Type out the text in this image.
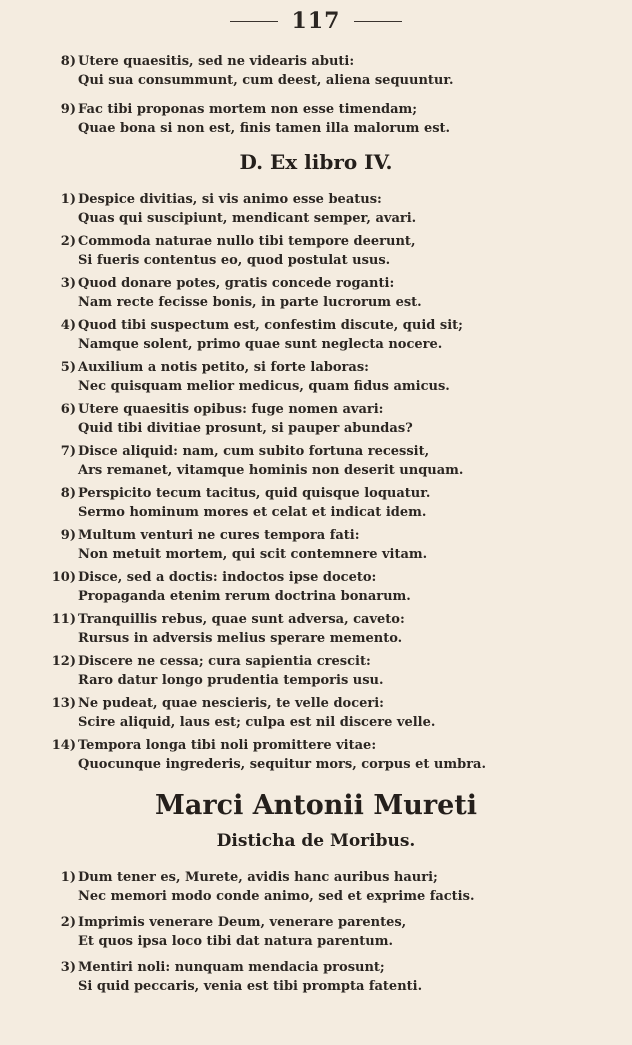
117

8) Utere quaesitis, sed ne videaris abuti:
Qui sua consummunt, cum deest, aliena sequuntur.

9) Fac tibi proponas mortem non esse timendam;
Quae bona si non est, finis tamen illa malorum est.

D. Ex libro IV.

1) Despice divitias, si vis animo esse beatus:
Quas qui suscipiunt, mendicant semper, avari.

2) Commoda naturae nullo tibi tempore deerunt,
Si fueris contentus eo, quod postulat usus.

3) Quod donare potes, gratis concede roganti:
Nam recte fecisse bonis, in parte lucrorum est.

4) Quod tibi suspectum est, confestim discute, quid sit;
Namque solent, primo quae sunt neglecta nocere.

5) Auxilium a notis petito, si forte laboras:
Nec quisquam melior medicus, quam fidus amicus.

6) Utere quaesitis opibus: fuge nomen avari:
Quid tibi divitiae prosunt, si pauper abundas?

7) Disce aliquid: nam, cum subito fortuna recessit,
Ars remanet, vitamque hominis non deserit unquam.

8) Perspicito tecum tacitus, quid quisque loquatur.
Sermo hominum mores et celat et indicat idem.

9) Multum venturi ne cures tempora fati:
Non metuit mortem, qui scit contemnere vitam.

10) Disce, sed a doctis: indoctos ipse doceto:
Propaganda etenim rerum doctrina bonarum.

11) Tranquillis rebus, quae sunt adversa, caveto:
Rursus in adversis melius sperare memento.

12) Discere ne cessa; cura sapientia crescit:
Raro datur longo prudentia temporis usu.

13) Ne pudeat, quae nescieris, te velle doceri:
Scire aliquid, laus est; culpa est nil discere velle.

14) Tempora longa tibi noli promittere vitae:
Quocunque ingrederis, sequitur mors, corpus et umbra.

Marci Antonii Mureti
Disticha de Moribus.

1) Dum tener es, Murete, avidis hanc auribus hauri;
Nec memori modo conde animo, sed et exprime factis.

2) Imprimis venerare Deum, venerare parentes,
Et quos ipsa loco tibi dat natura parentum.

3) Mentiri noli: nunquam mendacia prosunt;
Si quid peccaris, venia est tibi prompta fatenti.
